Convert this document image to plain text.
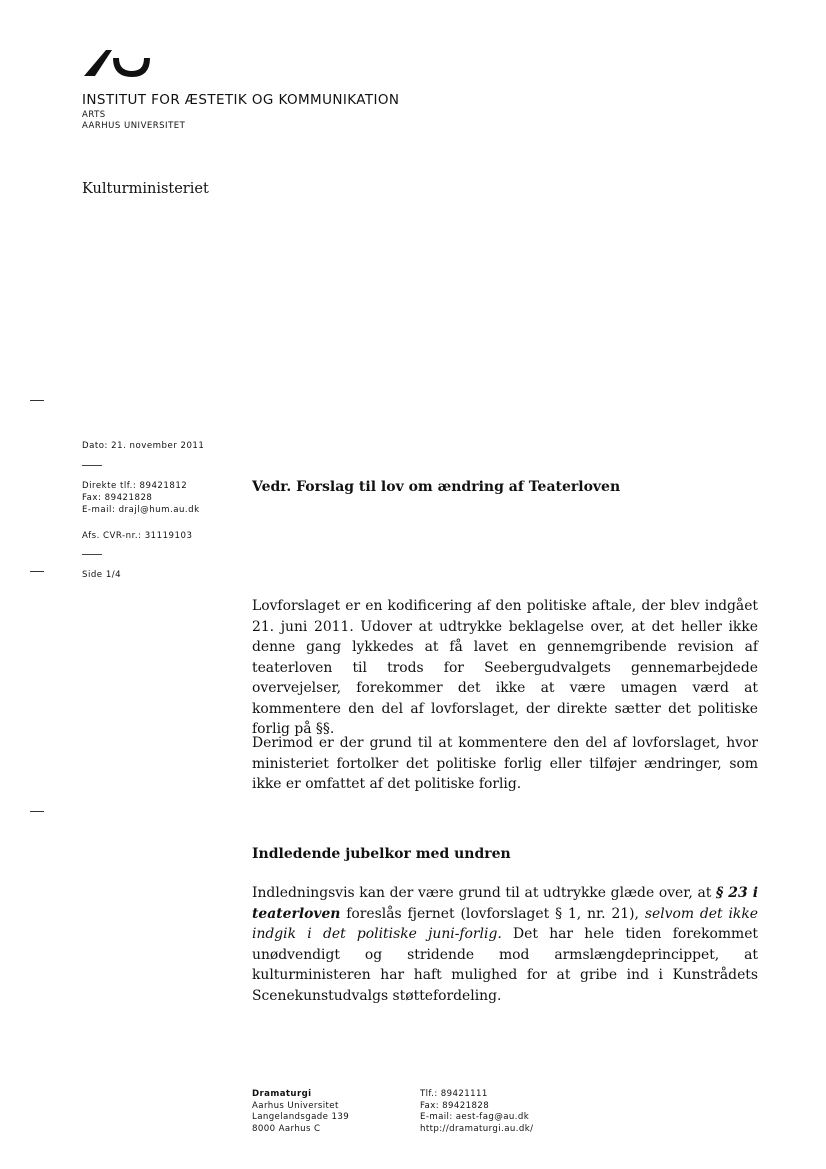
INSTITUT FOR ÆSTETIK OG KOMMUNIKATION
ARTS
AARHUS UNIVERSITET
Kulturministeriet
Dato: 21. november 2011
Direkte tlf.: 89421812
Fax: 89421828
E-mail: drajl@hum.au.dk
Afs. CVR-nr.: 31119103
Side 1/4
Vedr. Forslag til lov om ændring af Teaterloven
Lovforslaget er en kodificering af den politiske aftale, der blev indgået 21. juni 2011. Udover at udtrykke beklagelse over, at det heller ikke denne gang lykkedes at få lavet en gennemgribende revision af teaterloven til trods for Seebergudvalgets gennemarbejdede overvejelser, forekommer det ikke at være umagen værd at kommentere den del af lovforslaget, der direkte sætter det politiske forlig på §§.
Derimod er der grund til at kommentere den del af lovforslaget, hvor ministeriet fortolker det politiske forlig eller tilføjer ændringer, som ikke er omfattet af det politiske forlig.
Indledende jubelkor med undren
Indledningsvis kan der være grund til at udtrykke glæde over, at § 23 i teaterloven foreslås fjernet (lovforslaget § 1, nr. 21), selvom det ikke indgik i det politiske juni-forlig. Det har hele tiden forekommet unødvendigt og stridende mod armslængdeprincippet, at kulturministeren har haft mulighed for at gribe ind i Kunstrådets Scenekunstudvalgs støttefordeling.
Dramaturgi
Aarhus Universitet
Langelandsgade 139
8000 Aarhus C
Tlf.: 89421111
Fax: 89421828
E-mail: aest-fag@au.dk
http://dramaturgi.au.dk/
